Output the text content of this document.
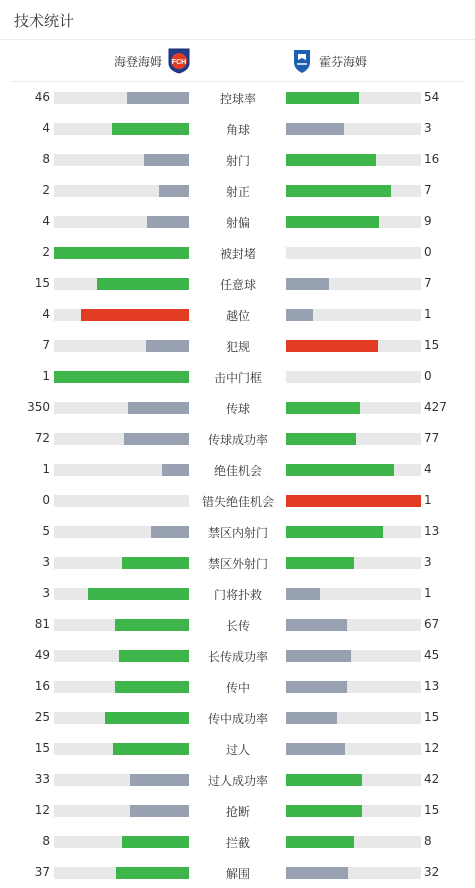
技术统计
海登海姆 FCH	霍芬海姆
46	控球率	54
4	角球	3
8	射门	16
2	射正	7
4	射偏	9
2	被封堵	0
15	任意球	7
4	越位	1
7	犯规	15
1	击中门框	0
350	传球	427
72	传球成功率	77
1	绝佳机会	4
0	错失绝佳机会	1
5	禁区内射门	13
3	禁区外射门	3
3	门将扑救	1
81	长传	67
49	长传成功率	45
16	传中	13
25	传中成功率	15
15	过人	12
33	过人成功率	42
12	抢断	15
8	拦截	8
37	解围	32
